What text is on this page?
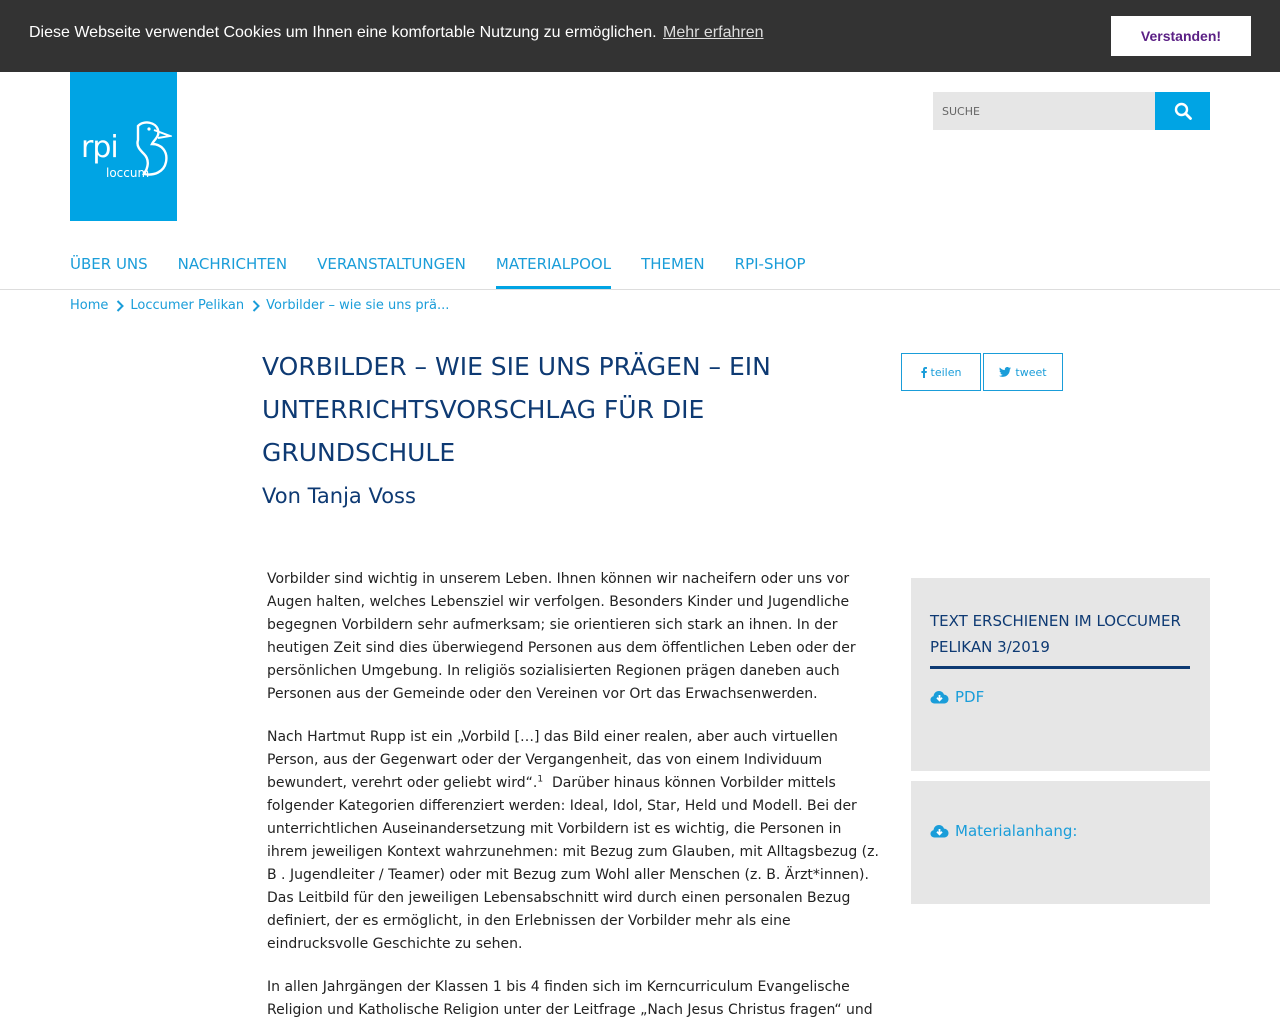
Diese Webseite verwendet Cookies um Ihnen eine komfortable Nutzung zu ermöglichen. Mehr erfahren	Verstanden!
rpi
loccum
SUCHE
ÜBER UNS NACHRICHTEN VERANSTALTUNGEN MATERIALPOOL THEMEN RPI-SHOP
Home Loccumer Pelikan Vorbilder – wie sie uns prä...
VORBILDER – WIE SIE UNS PRÄGEN – EIN UNTERRICHTSVORSCHLAG FÜR DIE GRUNDSCHULE
Von Tanja Voss
teilen	tweet

Vorbilder sind wichtig in unserem Leben. Ihnen können wir nacheifern oder uns vor Augen halten, welches Lebensziel wir verfolgen. Besonders Kinder und Jugendliche begegnen Vorbildern sehr aufmerksam; sie orientieren sich stark an ihnen. In der heutigen Zeit sind dies überwiegend Personen aus dem öffentlichen Leben oder der persönlichen Umgebung. In religiös sozialisierten Regionen prägen daneben auch Personen aus der Gemeinde oder den Vereinen vor Ort das Erwachsenwerden.

Nach Hartmut Rupp ist ein „Vorbild […] das Bild einer realen, aber auch virtuellen Person, aus der Gegenwart oder der Vergangenheit, das von einem Individuum bewundert, verehrt oder geliebt wird“.$^1$ Darüber hinaus können Vorbilder mittels folgender Kategorien differenziert werden: Ideal, Idol, Star, Held und Modell. Bei der unterrichtlichen Auseinandersetzung mit Vorbildern ist es wichtig, die Personen in ihrem jeweiligen Kontext wahrzunehmen: mit Bezug zum Glauben, mit Alltagsbezug (z. B . Jugendleiter / Teamer) oder mit Bezug zum Wohl aller Menschen (z. B. Ärzt*innen). Das Leitbild für den jeweiligen Lebensabschnitt wird durch einen personalen Bezug definiert, der es ermöglicht, in den Erlebnissen der Vorbilder mehr als eine eindrucksvolle Geschichte zu sehen.

In allen Jahrgängen der Klassen 1 bis 4 finden sich im Kerncurriculum Evangelische Religion und Katholische Religion unter der Leitfrage „Nach Jesus Christus fragen“ und

TEXT ERSCHIENEN IM LOCCUMER PELIKAN 3/2019
PDF
Materialanhang:
